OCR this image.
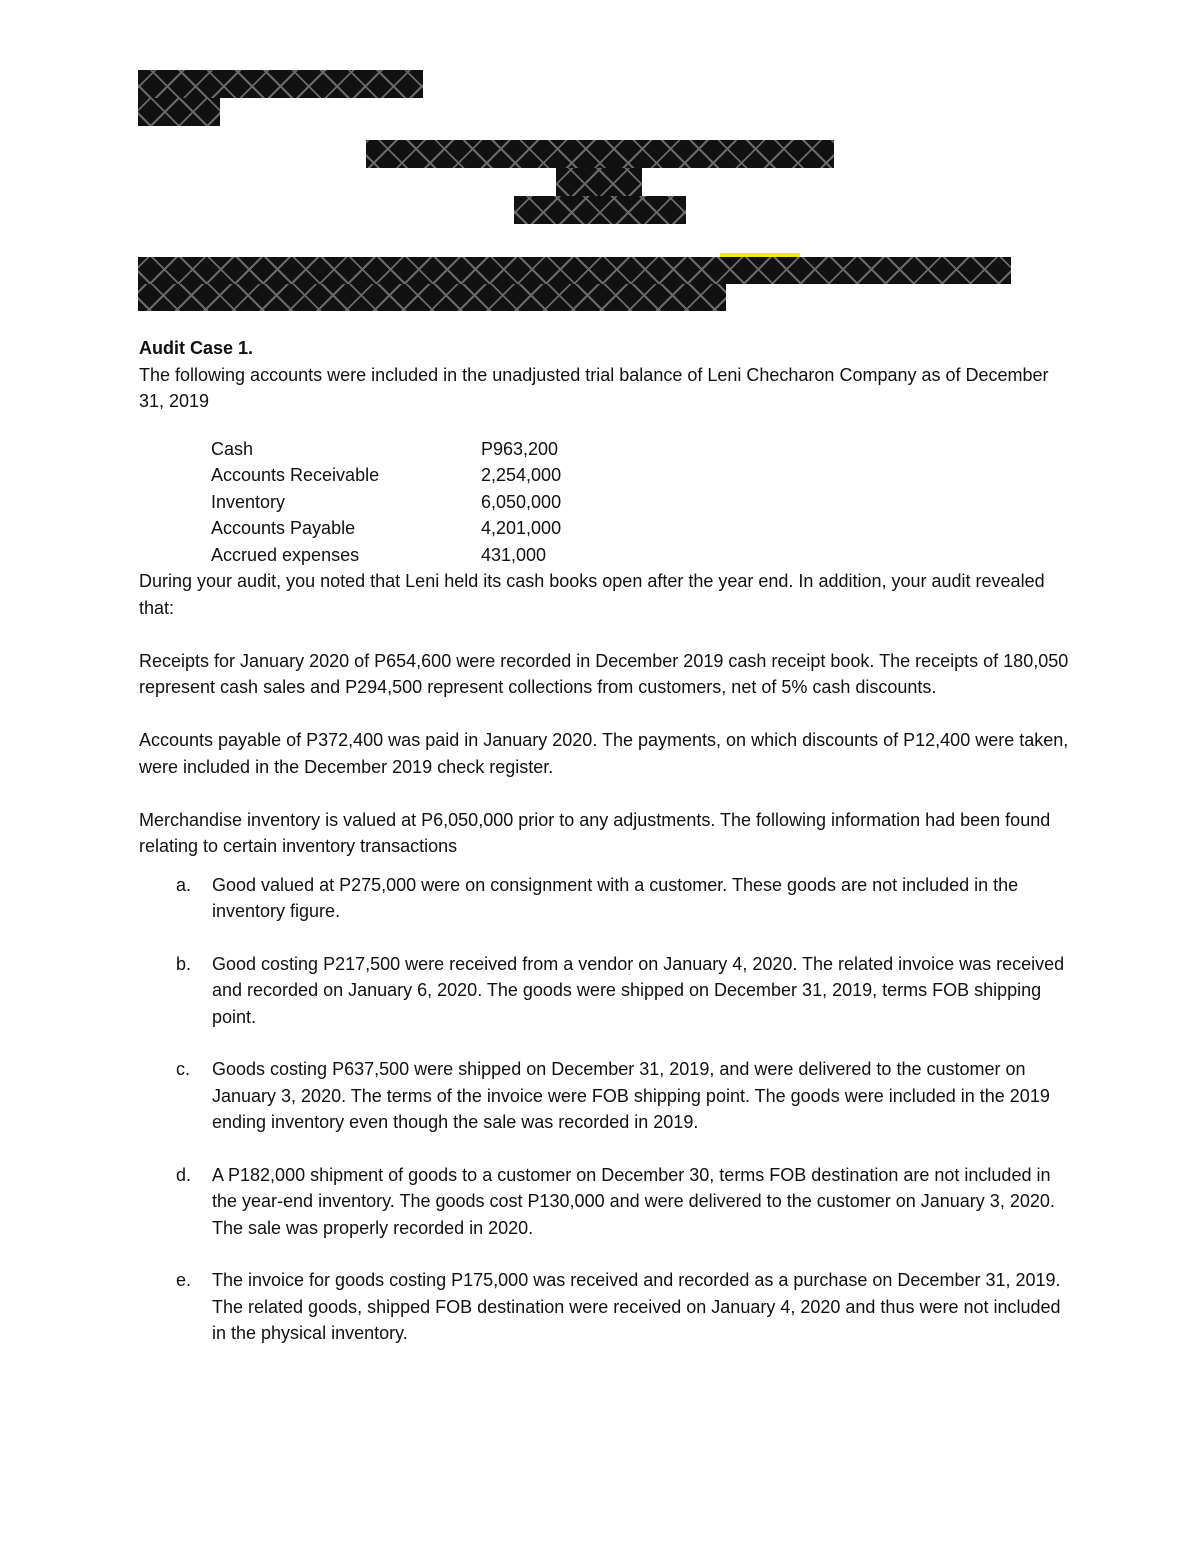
Audit Case 1.

The following accounts were included in the unadjusted trial balance of Leni Checharon Company as of December 31, 2019

Cash	P963,200
Accounts Receivable	2,254,000
Inventory	6,050,000
Accounts Payable	4,201,000
Accrued expenses	431,000

During your audit, you noted that Leni held its cash books open after the year end. In addition, your audit revealed that:

Receipts for January 2020 of P654,600 were recorded in December 2019 cash receipt book. The receipts of 180,050 represent cash sales and P294,500 represent collections from customers, net of 5% cash discounts.

Accounts payable of P372,400 was paid in January 2020. The payments, on which discounts of P12,400 were taken, were included in the December 2019 check register.

Merchandise inventory is valued at P6,050,000 prior to any adjustments. The following information had been found relating to certain inventory transactions

a. Good valued at P275,000 were on consignment with a customer. These goods are not included in the inventory figure.
b. Good costing P217,500 were received from a vendor on January 4, 2020. The related invoice was received and recorded on January 6, 2020. The goods were shipped on December 31, 2019, terms FOB shipping point.
c. Goods costing P637,500 were shipped on December 31, 2019, and were delivered to the customer on January 3, 2020. The terms of the invoice were FOB shipping point. The goods were included in the 2019 ending inventory even though the sale was recorded in 2019.
d. A P182,000 shipment of goods to a customer on December 30, terms FOB destination are not included in the year-end inventory. The goods cost P130,000 and were delivered to the customer on January 3, 2020. The sale was properly recorded in 2020.
e. The invoice for goods costing P175,000 was received and recorded as a purchase on December 31, 2019. The related goods, shipped FOB destination were received on January 4, 2020 and thus were not included in the physical inventory.
